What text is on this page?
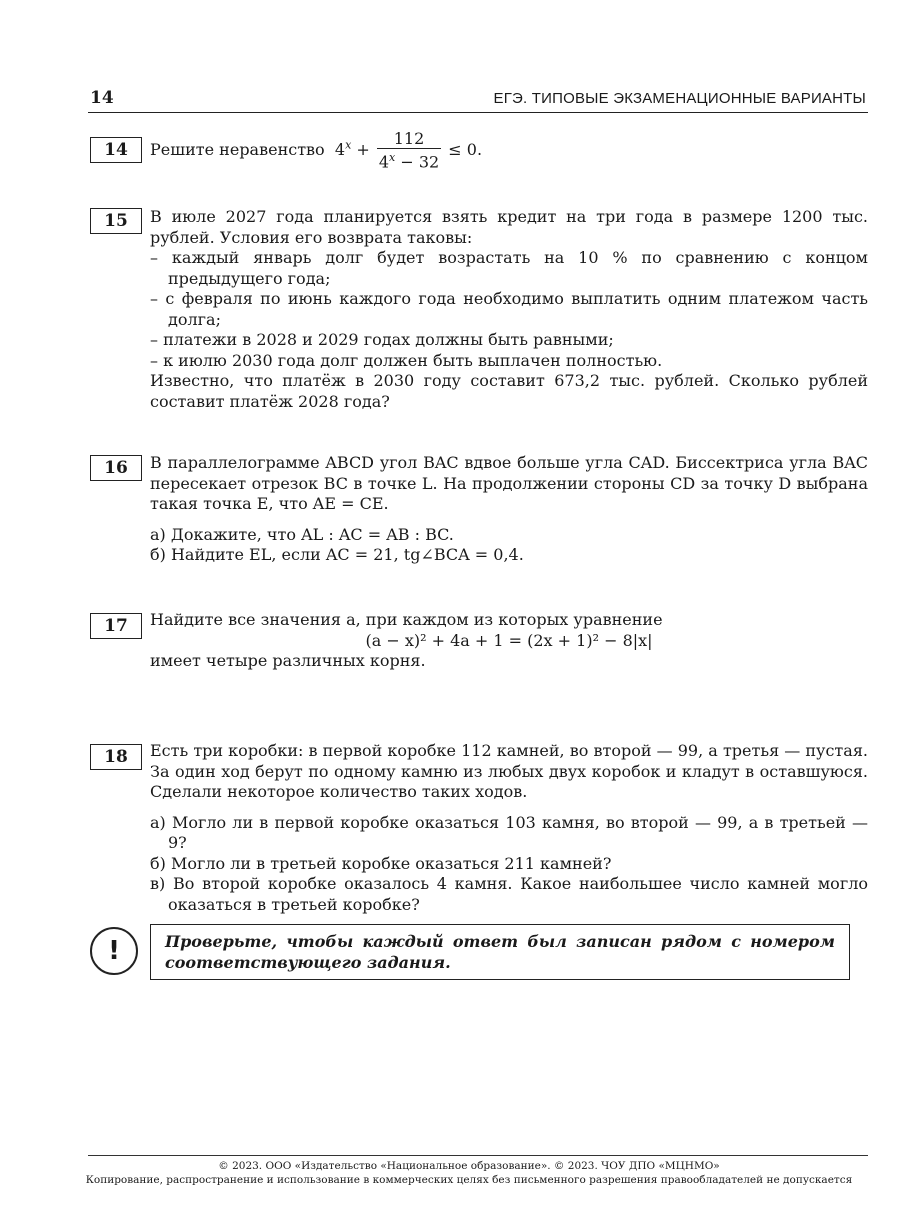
14	ЕГЭ. ТИПОВЫЕ ЭКЗАМЕНАЦИОННЫЕ ВАРИАНТЫ
14	Решите неравенство $4^x + \frac{112}{4^x - 32} \le 0$.
15	В июле 2027 года планируется взять кредит на три года в размере 1200 тыс. рублей. Условия его возврата таковы:

– каждый январь долг будет возрастать на 10 % по сравнению с концом предыдущего года;

– с февраля по июнь каждого года необходимо выплатить одним платежом часть долга;

– платежи в 2028 и 2029 годах должны быть равными;

– к июлю 2030 года долг должен быть выплачен полностью.

Известно, что платёж в 2030 году составит 673,2 тыс. рублей. Сколько рублей составит платёж 2028 года?

16	В параллелограмме ABCD угол BAC вдвое больше угла CAD. Биссектриса угла BAC пересекает отрезок BC в точке L. На продолжении стороны CD за точку D выбрана такая точка E, что AE = CE.

а) Докажите, что AL : AC = AB : BC.

б) Найдите EL, если AC = 21, tg∠BCA = 0,4.

17	Найдите все значения a, при каждом из которых уравнение

(a − x)² + 4a + 1 = (2x + 1)² − 8|x|

имеет четыре различных корня.

18	Есть три коробки: в первой коробке 112 камней, во второй — 99, а третья — пустая. За один ход берут по одному камню из любых двух коробок и кладут в оставшуюся. Сделали некоторое количество таких ходов.

а) Могло ли в первой коробке оказаться 103 камня, во второй — 99, а в третьей — 9?

б) Могло ли в третьей коробке оказаться 211 камней?

в) Во второй коробке оказалось 4 камня. Какое наибольшее число камней могло оказаться в третьей коробке?

!	Проверьте, чтобы каждый ответ был записан рядом с номером соответствующего задания.
© 2023. ООО «Издательство «Национальное образование». © 2023. ЧОУ ДПО «МЦНМО»
Копирование, распространение и использование в коммерческих целях без письменного разрешения правообладателей не допускается
